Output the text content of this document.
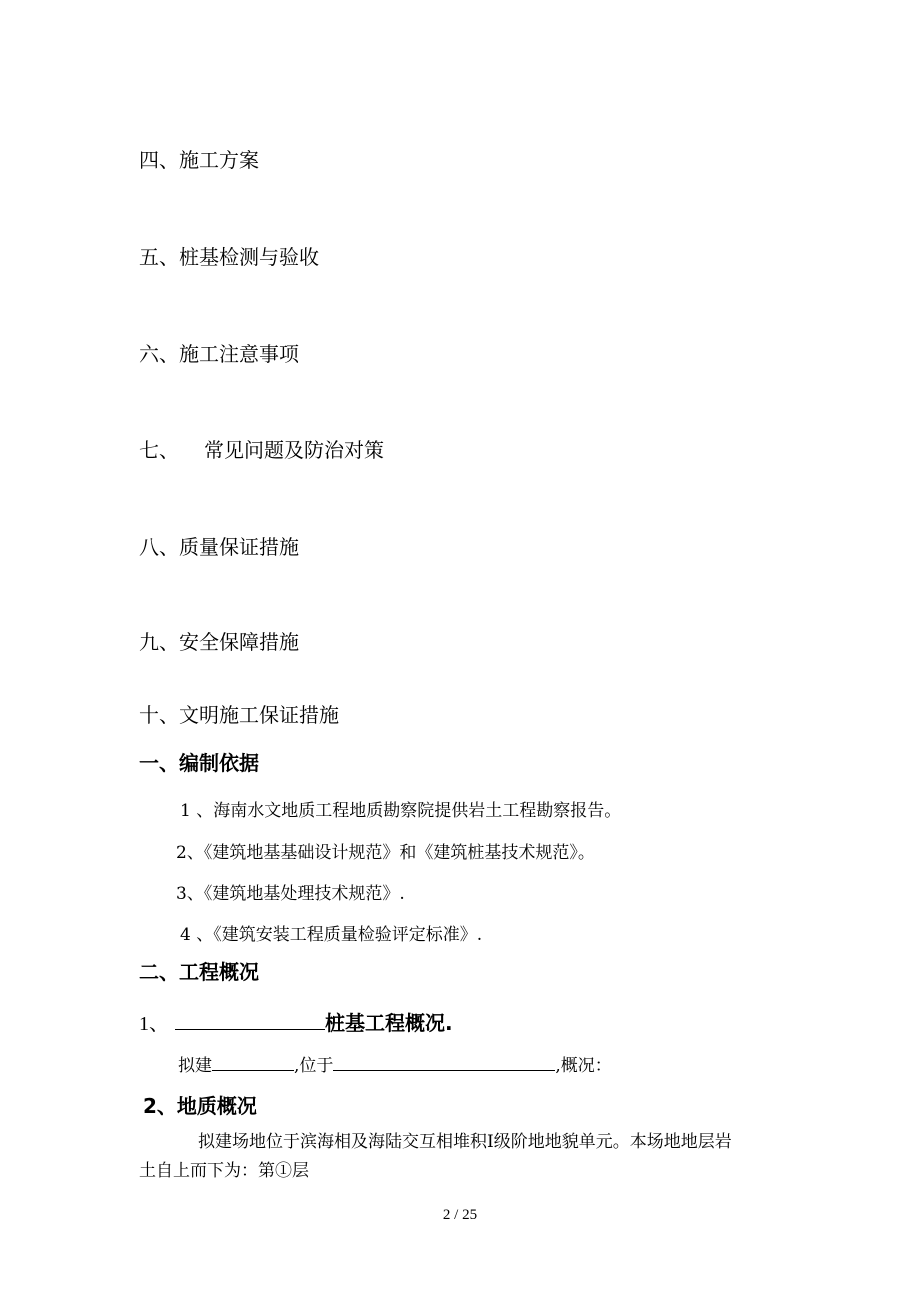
四、施工方案
五、桩基检测与验收
六、施工注意事项
七、 常见问题及防治对策
八、质量保证措施
九、安全保障措施
十、文明施工保证措施
一、编制依据
1 、海南水文地质工程地质勘察院提供岩土工程勘察报告。
2、《建筑地基基础设计规范》和《建筑桩基技术规范》。
3、《建筑地基处理技术规范》.
4 、《建筑安装工程质量检验评定标准》.
二、工程概况
1、	桩基工程概况.
拟建	,位于	,概况：
2、地质概况
拟建场地位于滨海相及海陆交互相堆积I级阶地地貌单元。本场地地层岩
土自上而下为：第①层
2 / 25
